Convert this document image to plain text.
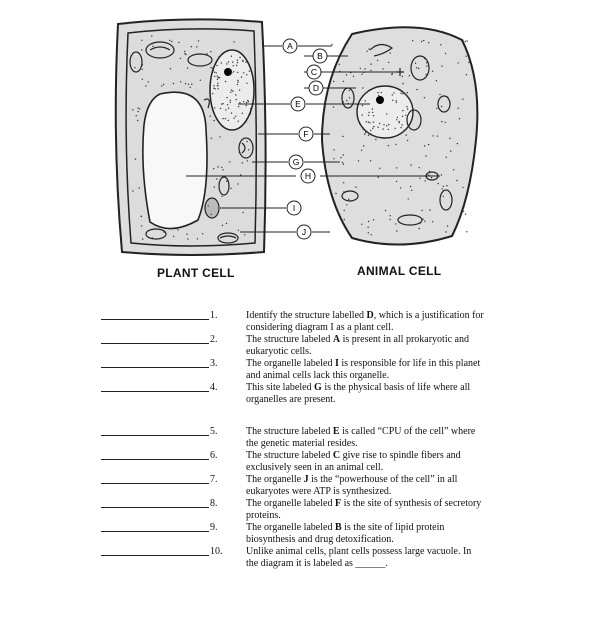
A
B
C
D
E
F
G
H
I
J
PLANT CELL	ANIMAL CELL
1.	Identify the structure labelled D, which is a justification for considering diagram I as a plant cell.
2.	The structure labeled A is present in all prokaryotic and eukaryotic cells.
3.	The organelle labeled I is responsible for life in this planet and animal cells lack this organelle.
4.	This site labeled G is the physical basis of life where all organelles are present.
5.	The structure labeled E is called “CPU of the cell” where the genetic material resides.
6.	The structure labeled C give rise to spindle fibers and exclusively seen in an animal cell.
7.	The organelle J is the “powerhouse of the cell” in all eukaryotes were ATP is synthesized.
8.	The organelle labeled F is the site of synthesis of secretory proteins.
9.	The organelle labeled B is the site of lipid protein biosynthesis and drug detoxification.
10. Unlike animal cells, plant cells possess large vacuole. In the diagram it is labeled as ______.
